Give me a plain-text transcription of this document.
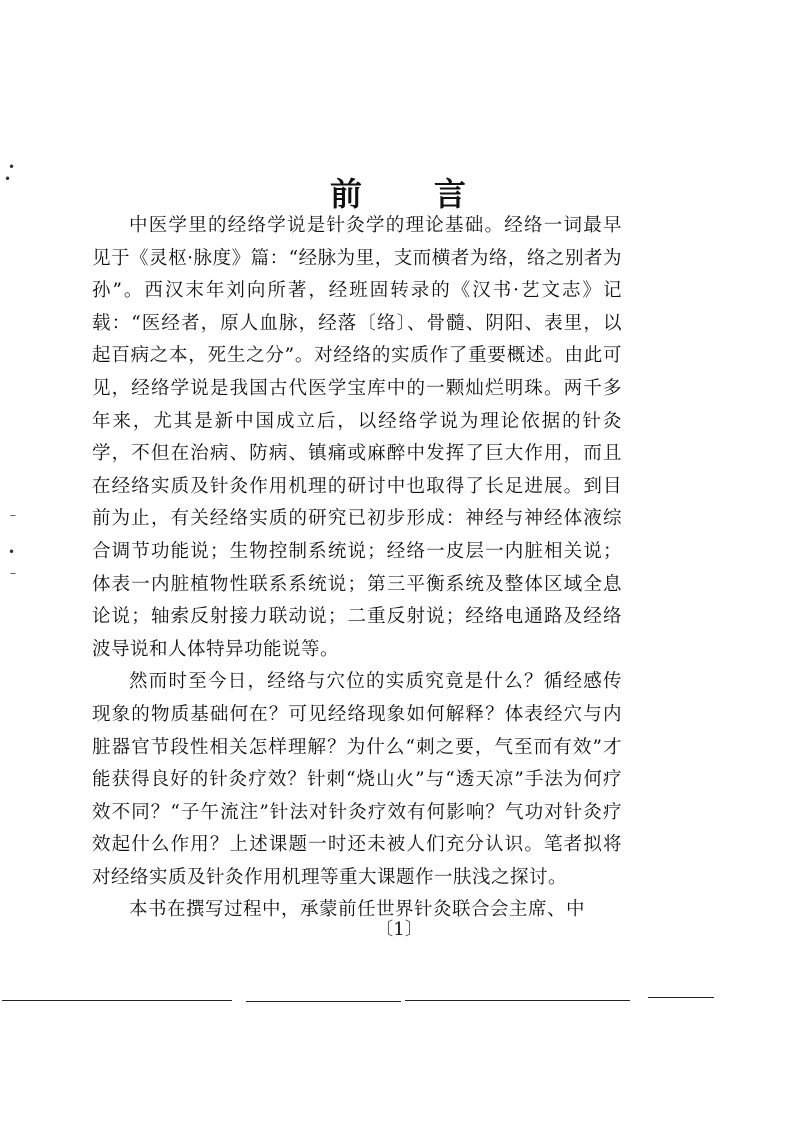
•
•
–
•
–
前 言

中医学里的经络学说是针灸学的理论基础。经络一词最早见于《灵枢·脉度》篇：“经脉为里，支而横者为络，络之别者为孙”。西汉末年刘向所著，经班固转录的《汉书·艺文志》记载：“医经者，原人血脉，经落〔络〕、骨髓、阴阳、表里，以起百病之本，死生之分”。对经络的实质作了重要概述。由此可见，经络学说是我国古代医学宝库中的一颗灿烂明珠。两千多年来，尤其是新中国成立后，以经络学说为理论依据的针灸学，不但在治病、防病、镇痛或麻醉中发挥了巨大作用，而且在经络实质及针灸作用机理的研讨中也取得了长足进展。到目前为止，有关经络实质的研究已初步形成：神经与神经体液综合调节功能说；生物控制系统说；经络一皮层一内脏相关说；体表一内脏植物性联系系统说；第三平衡系统及整体区域全息论说；轴索反射接力联动说；二重反射说；经络电通路及经络波导说和人体特异功能说等。

然而时至今日，经络与穴位的实质究竟是什么？循经感传现象的物质基础何在？可见经络现象如何解释？体表经穴与内脏器官节段性相关怎样理解？为什么“刺之要，气至而有效”才能获得良好的针灸疗效？针刺“烧山火”与“透天凉”手法为何疗效不同？“子午流注”针法对针灸疗效有何影响？气功对针灸疗效起什么作用？上述课题一时还未被人们充分认识。笔者拟将对经络实质及针灸作用机理等重大课题作一肤浅之探讨。

本书在撰写过程中，承蒙前任世界针灸联合会主席、中

〔1〕
